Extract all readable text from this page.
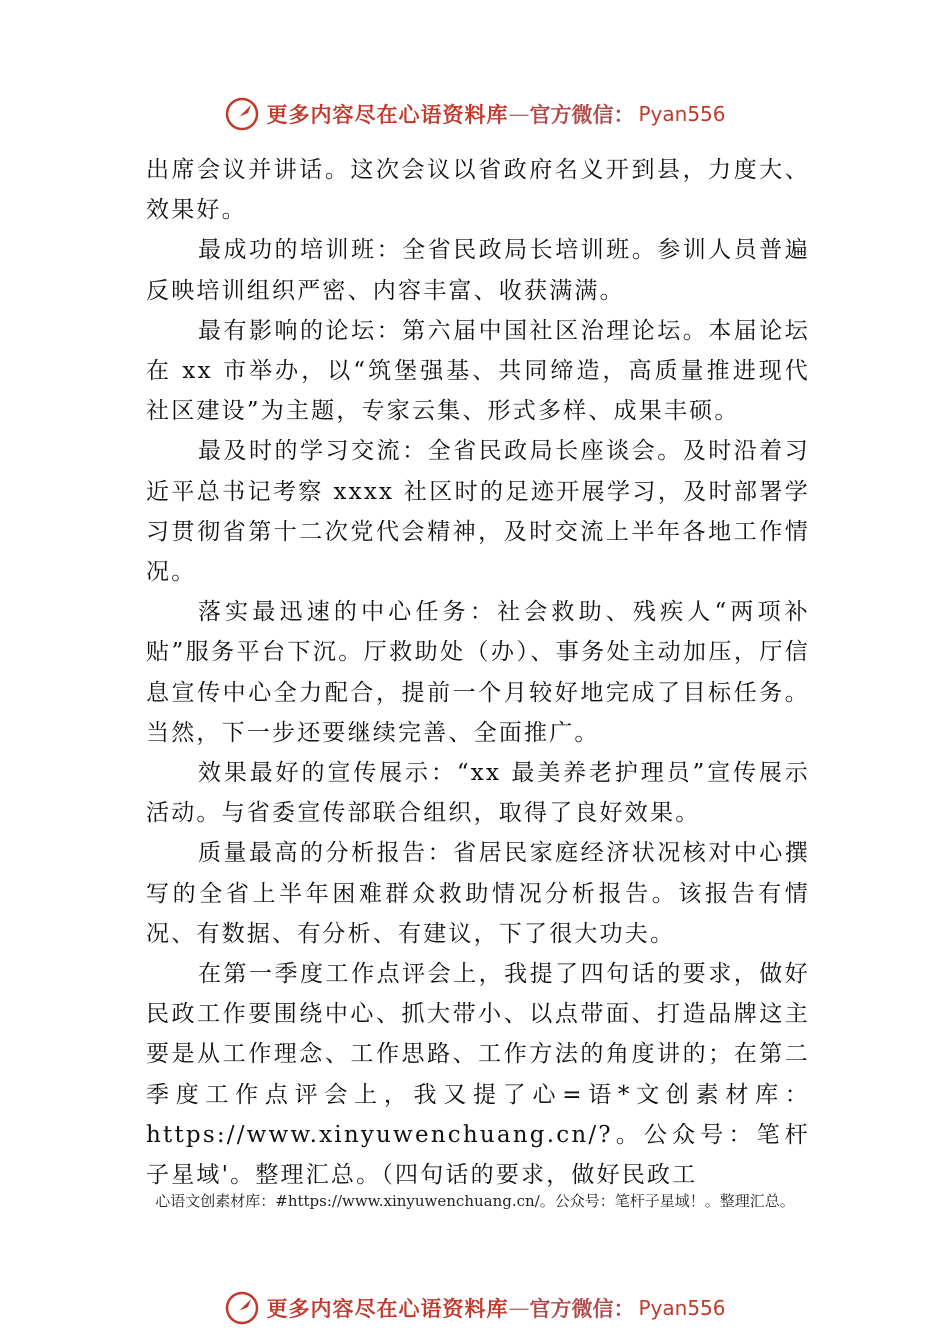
更多内容尽在心语资料库 — 官方微信： Pyan556

出席会议并讲话。这次会议以省政府名义开到县，力度大、 效果好。

最成功的培训班：全省民政局长培训班。参训人员普遍反映培训组织严密、内容丰富、收获满满。

最有影响的论坛：第六届中国社区治理论坛。本届论坛在 xx 市举办，以“筑堡强基、共同缔造，高质量推进现代社区建设”为主题，专家云集、形式多样、成果丰硕。

最及时的学习交流：全省民政局长座谈会。及时沿着习近平总书记考察 xxxx 社区时的足迹开展学习，及时部署学习贯彻省第十二次党代会精神，及时交流上半年各地工作情况。

落实最迅速的中心任务：社会救助、残疾人“两项补贴”服务平台下沉。厅救助处（办）、事务处主动加压，厅信息宣传中心全力配合，提前一个月较好地完成了目标任务。当然，下一步还要继续完善、全面推广。

效果最好的宣传展示：“xx 最美养老护理员”宣传展示活动。与省委宣传部联合组织，取得了良好效果。

质量最高的分析报告：省居民家庭经济状况核对中心撰写的全省上半年困难群众救助情况分析报告。该报告有情况、有数据、有分析、有建议，下了很大功夫。

在第一季度工作点评会上，我提了四句话的要求，做好民政工作要围绕中心、抓大带小、以点带面、打造品牌这主要是从工作理念、工作思路、工作方法的角度讲的；在第二季度工作点评会上，我又提了心=语*文创素材库：https://www.xinyuwenchuang.cn/?。公众号：笔杆子星域'。整理汇总。（四句话的要求，做好民政工

心语文创素材库：#https://www.xinyuwenchuang.cn/。公众号：笔杆子星域！。整理汇总。
更多内容尽在心语资料库 — 官方微信： Pyan556
